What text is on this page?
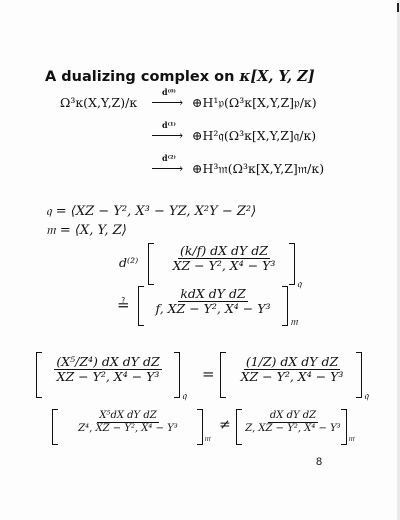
A dualizing complex on κ[X, Y, Z]
Ω³κ(X,Y,Z)/κ
d⁽⁰⁾
› ⊕H¹𝔭(Ω³κ[X,Y,Z]𝔭/κ)
d⁽¹⁾
› ⊕H²𝔮(Ω³κ[X,Y,Z]𝔮/κ)
d⁽²⁾
› ⊕H³𝔪(Ω³κ[X,Y,Z]𝔪/κ)
𝔮 = ⟨XZ − Y², X³ − YZ, X²Y − Z²⟩
𝔪 = ⟨X, Y, Z⟩
d⁽²⁾	$\frac{\text{(k/f) dX dY dZ}}{\text{XZ − Y², X⁴ − Y³}}$
𝔮
≟ $\frac{\text{kdX dY dZ}}{\text{f, XZ − Y², X⁴ − Y³}}$
𝔪
$\frac{\text{(X⁵/Z⁴) dX dY dZ}}{\text{XZ − Y², X⁴ − Y³}}$
𝔮
= $\frac{\text{(1/Z) dX dY dZ}}{\text{XZ − Y², X⁴ − Y³}}$
𝔮
$\frac{\text{X⁵dX dY dZ}}{\text{Z⁴, XZ − Y², X⁴ − Y³}}$
𝔪
≠ $\frac{\text{dX dY dZ}}{\text{Z, XZ − Y², X⁴ − Y³}}$
𝔪
8
